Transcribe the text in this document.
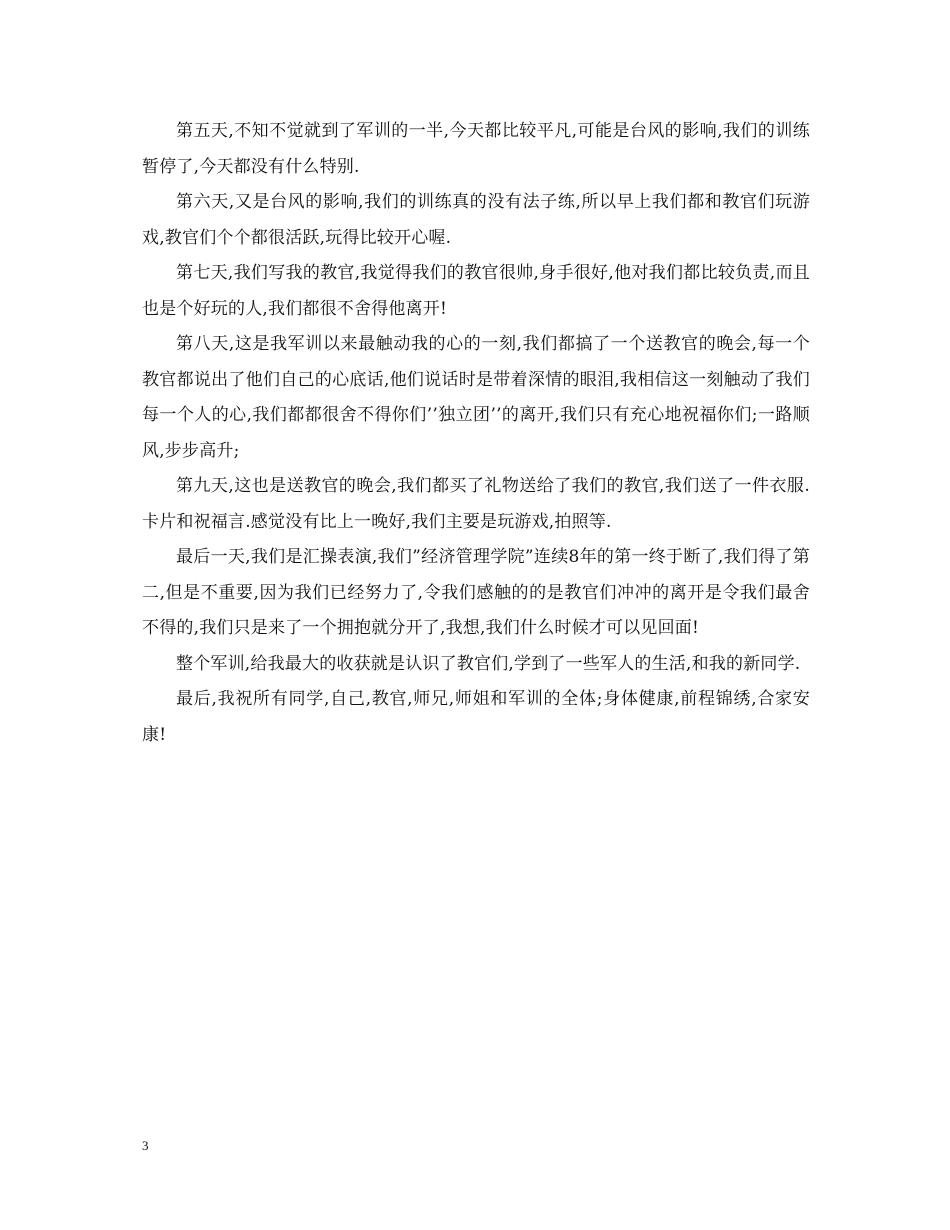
第五天,不知不觉就到了军训的一半,今天都比较平凡,可能是台风的影响,我们的训练暂停了,今天都没有什么特别.

第六天,又是台风的影响,我们的训练真的没有法子练,所以早上我们都和教官们玩游戏,教官们个个都很活跃,玩得比较开心喔.

第七天,我们写我的教官,我觉得我们的教官很帅,身手很好,他对我们都比较负责,而且也是个好玩的人,我们都很不舍得他离开!

第八天,这是我军训以来最触动我的心的一刻,我们都搞了一个送教官的晚会,每一个教官都说出了他们自己的心底话,他们说话时是带着深情的眼泪,我相信这一刻触动了我们每一个人的心,我们都都很舍不得你们’’独立团’’的离开,我们只有充心地祝福你们;一路顺风,步步高升;

第九天,这也是送教官的晚会,我们都买了礼物送给了我们的教官,我们送了一件衣服.卡片和祝福言.感觉没有比上一晚好,我们主要是玩游戏,拍照等.

最后一天,我们是汇操表演,我们”经济管理学院”连续8年的第一终于断了,我们得了第二,但是不重要,因为我们已经努力了,令我们感触的的是教官们冲冲的离开是令我们最舍不得的,我们只是来了一个拥抱就分开了,我想,我们什么时候才可以见回面!

整个军训,给我最大的收获就是认识了教官们,学到了一些军人的生活,和我的新同学.

最后,我祝所有同学,自己,教官,师兄,师姐和军训的全体;身体健康,前程锦绣,合家安康!

3
